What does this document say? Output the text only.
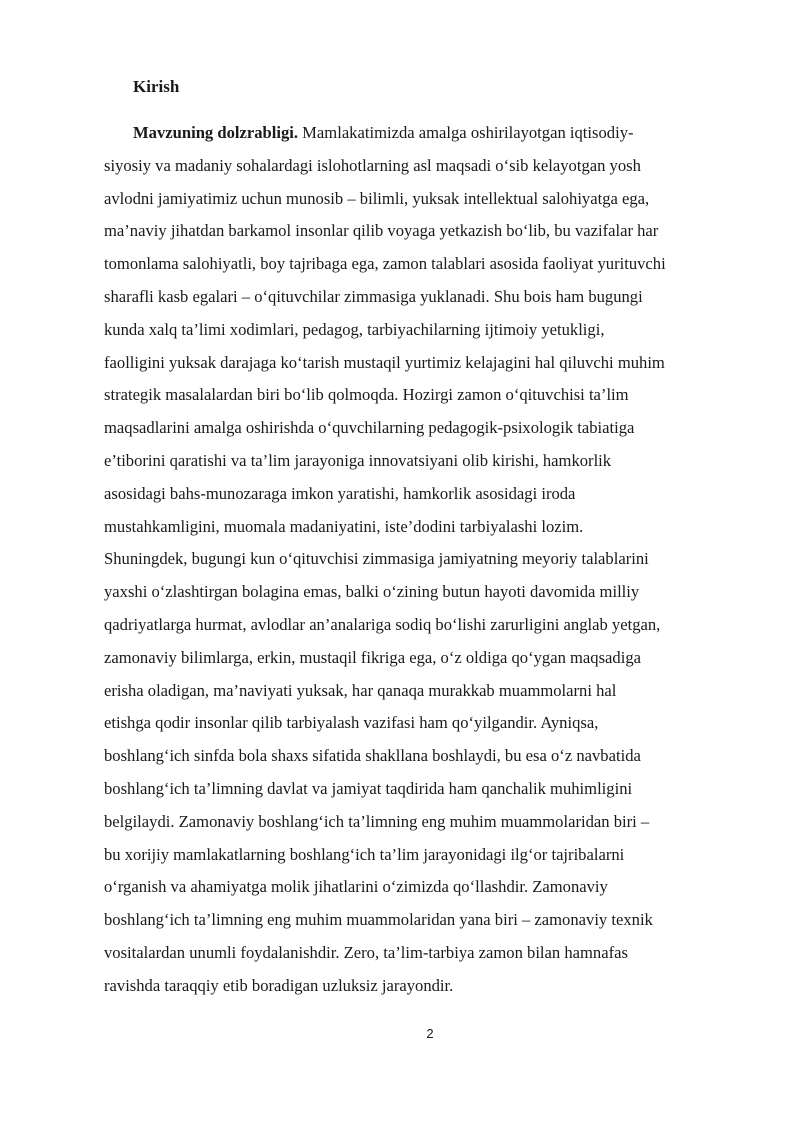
Kirish
Mavzuning dolzrabligi. Mamlakatimizda amalga oshirilayotgan iqtisodiy-
siyosiy va madaniy sohalardagi islohotlarning asl maqsadi o‘sib kelayotgan yosh
avlodni jamiyatimiz uchun munosib – bilimli, yuksak intellektual salohiyatga ega,
ma’naviy jihatdan barkamol insonlar qilib voyaga yetkazish bo‘lib, bu vazifalar har
tomonlama salohiyatli, boy tajribaga ega, zamon talablari asosida faoliyat yurituvchi
sharafli kasb egalari – o‘qituvchilar zimmasiga yuklanadi. Shu bois ham bugungi
kunda xalq ta’limi xodimlari, pedagog, tarbiyachilarning ijtimoiy yetukligi,
faolligini yuksak darajaga ko‘tarish mustaqil yurtimiz kelajagini hal qiluvchi muhim
strategik masalalardan biri bo‘lib qolmoqda. Hozirgi zamon o‘qituvchisi ta’lim
maqsadlarini amalga oshirishda o‘quvchilarning pedagogik-psixologik tabiatiga
e’tiborini qaratishi va ta’lim jarayoniga innovatsiyani olib kirishi, hamkorlik
asosidagi bahs-munozaraga imkon yaratishi, hamkorlik asosidagi iroda
mustahkamligini, muomala madaniyatini, iste’dodini tarbiyalashi lozim.
Shuningdek, bugungi kun o‘qituvchisi zimmasiga jamiyatning meyoriy talablarini
yaxshi o‘zlashtirgan bolagina emas, balki o‘zining butun hayoti davomida milliy
qadriyatlarga hurmat, avlodlar an’analariga sodiq bo‘lishi zarurligini anglab yetgan,
zamonaviy bilimlarga, erkin, mustaqil fikriga ega, o‘z oldiga qo‘ygan maqsadiga
erisha oladigan, ma’naviyati yuksak, har qanaqa murakkab muammolarni hal
etishga qodir insonlar qilib tarbiyalash vazifasi ham qo‘yilgandir. Ayniqsa,
boshlang‘ich sinfda bola shaxs sifatida shakllana boshlaydi, bu esa o‘z navbatida
boshlang‘ich ta’limning davlat va jamiyat taqdirida ham qanchalik muhimligini
belgilaydi. Zamonaviy boshlang‘ich ta’limning eng muhim muammolaridan biri –
bu xorijiy mamlakatlarning boshlang‘ich ta’lim jarayonidagi ilg‘or tajribalarni
o‘rganish va ahamiyatga molik jihatlarini o‘zimizda qo‘llashdir. Zamonaviy
boshlang‘ich ta’limning eng muhim muammolaridan yana biri – zamonaviy texnik
vositalardan unumli foydalanishdir. Zero, ta’lim-tarbiya zamon bilan hamnafas
ravishda taraqqiy etib boradigan uzluksiz jarayondir.
2
